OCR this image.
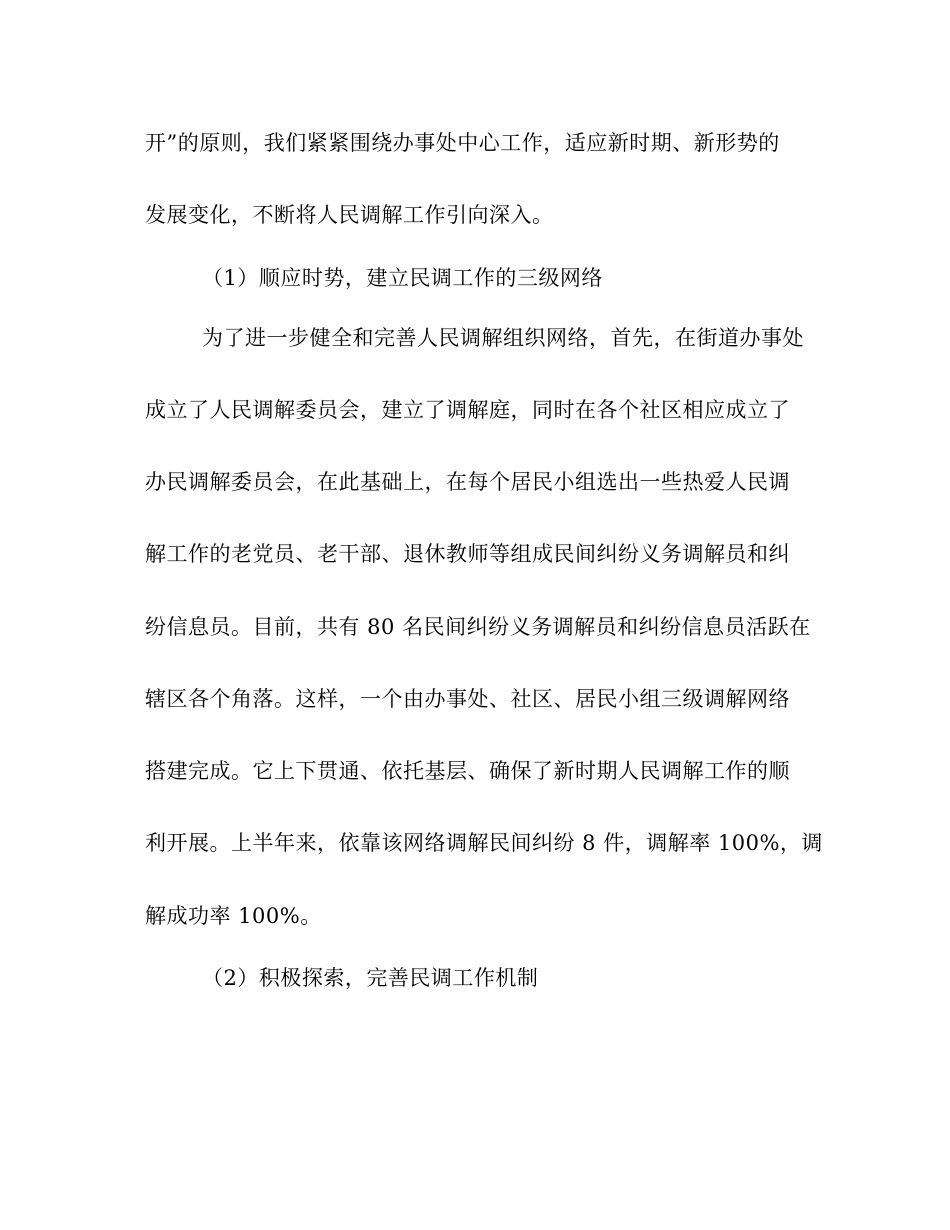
开”的原则，我们紧紧围绕办事处中心工作，适应新时期、新形势的
发展变化，不断将人民调解工作引向深入。
（1）顺应时势，建立民调工作的三级网络
为了进一步健全和完善人民调解组织网络，首先，在街道办事处
成立了人民调解委员会，建立了调解庭，同时在各个社区相应成立了
办民调解委员会，在此基础上，在每个居民小组选出一些热爱人民调
解工作的老党员、老干部、退休教师等组成民间纠纷义务调解员和纠
纷信息员。目前，共有 80 名民间纠纷义务调解员和纠纷信息员活跃在
辖区各个角落。这样，一个由办事处、社区、居民小组三级调解网络
搭建完成。它上下贯通、依托基层、确保了新时期人民调解工作的顺
利开展。上半年来，依靠该网络调解民间纠纷 8 件，调解率 100%，调
解成功率 100%。
（2）积极探索，完善民调工作机制
